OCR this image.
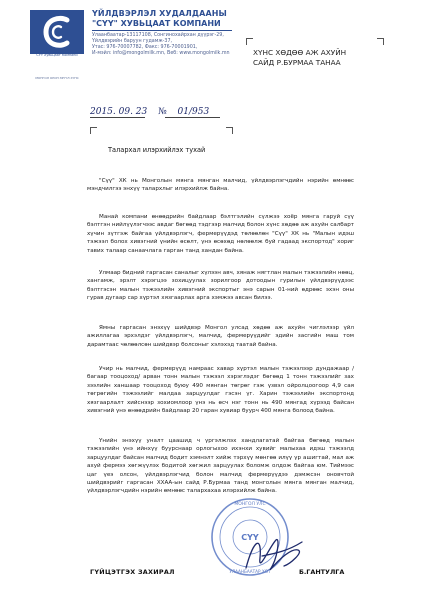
СҮҮ Хувьцаат Компани
МОНГОЛ ОРОН ЭРҮҮЛ ХҮНС
ҮЙЛДВЭРЛЭЛ ХУДАЛДААНЫ
"СҮҮ" ХУВЬЦААТ КОМПАНИ
Улаанбаатар-13117108, Сонгинохайрхан дүүрэг-29,
Үйлдвэрийн баруун гудамж-37,
Утас: 976-70007782, Факс: 976-70001901,
И-мэйл: info@mongolmilk.mn, Веб: www.mongolmilk.mn	ХҮНС ХӨДӨӨ АЖ АХУЙН
САЙД Р.БУРМАА ТАНАА
2015. 09. 23 № 01/953
Талархал илэрхийлэх тухай
"Сүү" ХК нь Монголын мянга мянган малчид, үйлдвэрлэгчдийн нэрийн өмнөөс мэндчилгээ энхүү талархлыг илэрхийлж байна.
Манай компани өнөөдрийн байдлаар бэлтгэлийн сүлжээ хоёр мянга гаруй сүү бэлтгэн нийлүүлэгчээс авдаг бөгөөд тэдгээр малчид болон хүнс хөдөө аж ахуйн салбарт хүчин зүтгэж байгаа үйлдвэрлэгч, фермерүүдэд төлөөлөн "Сүү" ХК нь "Малын идэш тэжээл болох хивэгний үнийн өсөлт, үнэ өсөхөд нөлөөлж буй гадаад экспортод" хориг тавих талаар санаачлага гарган танд хандан байна.
Улмаар бидний гаргасан саналыг хүлээн авч, хянаж нягтлан малын тэжээлийн нөөц, хангамж, эрэлт хэрэгцээ зохицуулах зорилгоор дотоодын гурилын үйлдвэрүүдээс бэлтгэсэн малын тэжээлийн хивэгний экспортыг энэ сарын 01-ний өдрөөс эхэн оны гурав дугаар сар хүртэл хязгаарлах арга хэмжээ авсан билээ.
Ямны гаргасан энэхүү шийдвэр Монгол улсад хөдөө аж ахуйн чиглэлээр үйл ажиллагаа эрхэлдэг үйлдвэрлэгч, малчид, фермерүүдийг эдийн засгийн маш том дарамтаас чөлөөлсөн шийдвэр болсоныг хэлэхэд таатай байна.
Учир нь малчид, фермерүүд намраас хавар хүртэл малын тэжээлээр дундажаар /багаар тооцоход/ арван тонн малын тэжээл хэрэглэдэг бөгөөд 1 тонн тэжээлийг зах зээлийн ханшаар тооцоход буюу 490 мянган төгрөг гэж үзвэл ойролцоогоор 4,9 сая төгрөгийн тэжээлийг малдаа зарцуулдаг гэсэн үг. Харин тэжээлийн экспортонд хязгаарлалт хийснээр зохиомлоор үнэ нь өсч нэг тонн нь 490 мянгад хүрээд байсан хивэгний үнэ өнөөдрийн байдлаар 20 гаран хувиар буурч 400 мянга болоод байна.
Үнийн энэхүү уналт цаашид ч үргэлжлэх хандлагатай байгаа бөгөөд малын тэжээлийн үнэ ийнхүү буурснаар орлогыхоо ихэнхи хувийг малыхаа идэш тэжээлд зарцуулдаг байсан малчид бодит хэмнэлт хийж тэрхүү мөнгөө илүү үр ашигтай, мал аж ахуй фермээ хөгжүүлэх бодитой хөгжил зарцуулах боломж олдож байгаа юм. Тиймээс цаг үеэ олсон, үйлдвэрлэгчид болон малчид фермерүүдээ дэмжсэн оновчтой шийдвэрийг гаргасан ХХАА-ын сайд Р.Бурмаа танд монголын мянга мянган малчид, үйлдвэрлэгчдийн нэрийн өмнөөс талархахаа илэрхийлж байна.
МОНГОЛ УЛС
СҮҮ
УЛААНБААТАР ХОТ
ГҮЙЦЭТГЭХ ЗАХИРАЛ	Б.ГАНТУЛГА
